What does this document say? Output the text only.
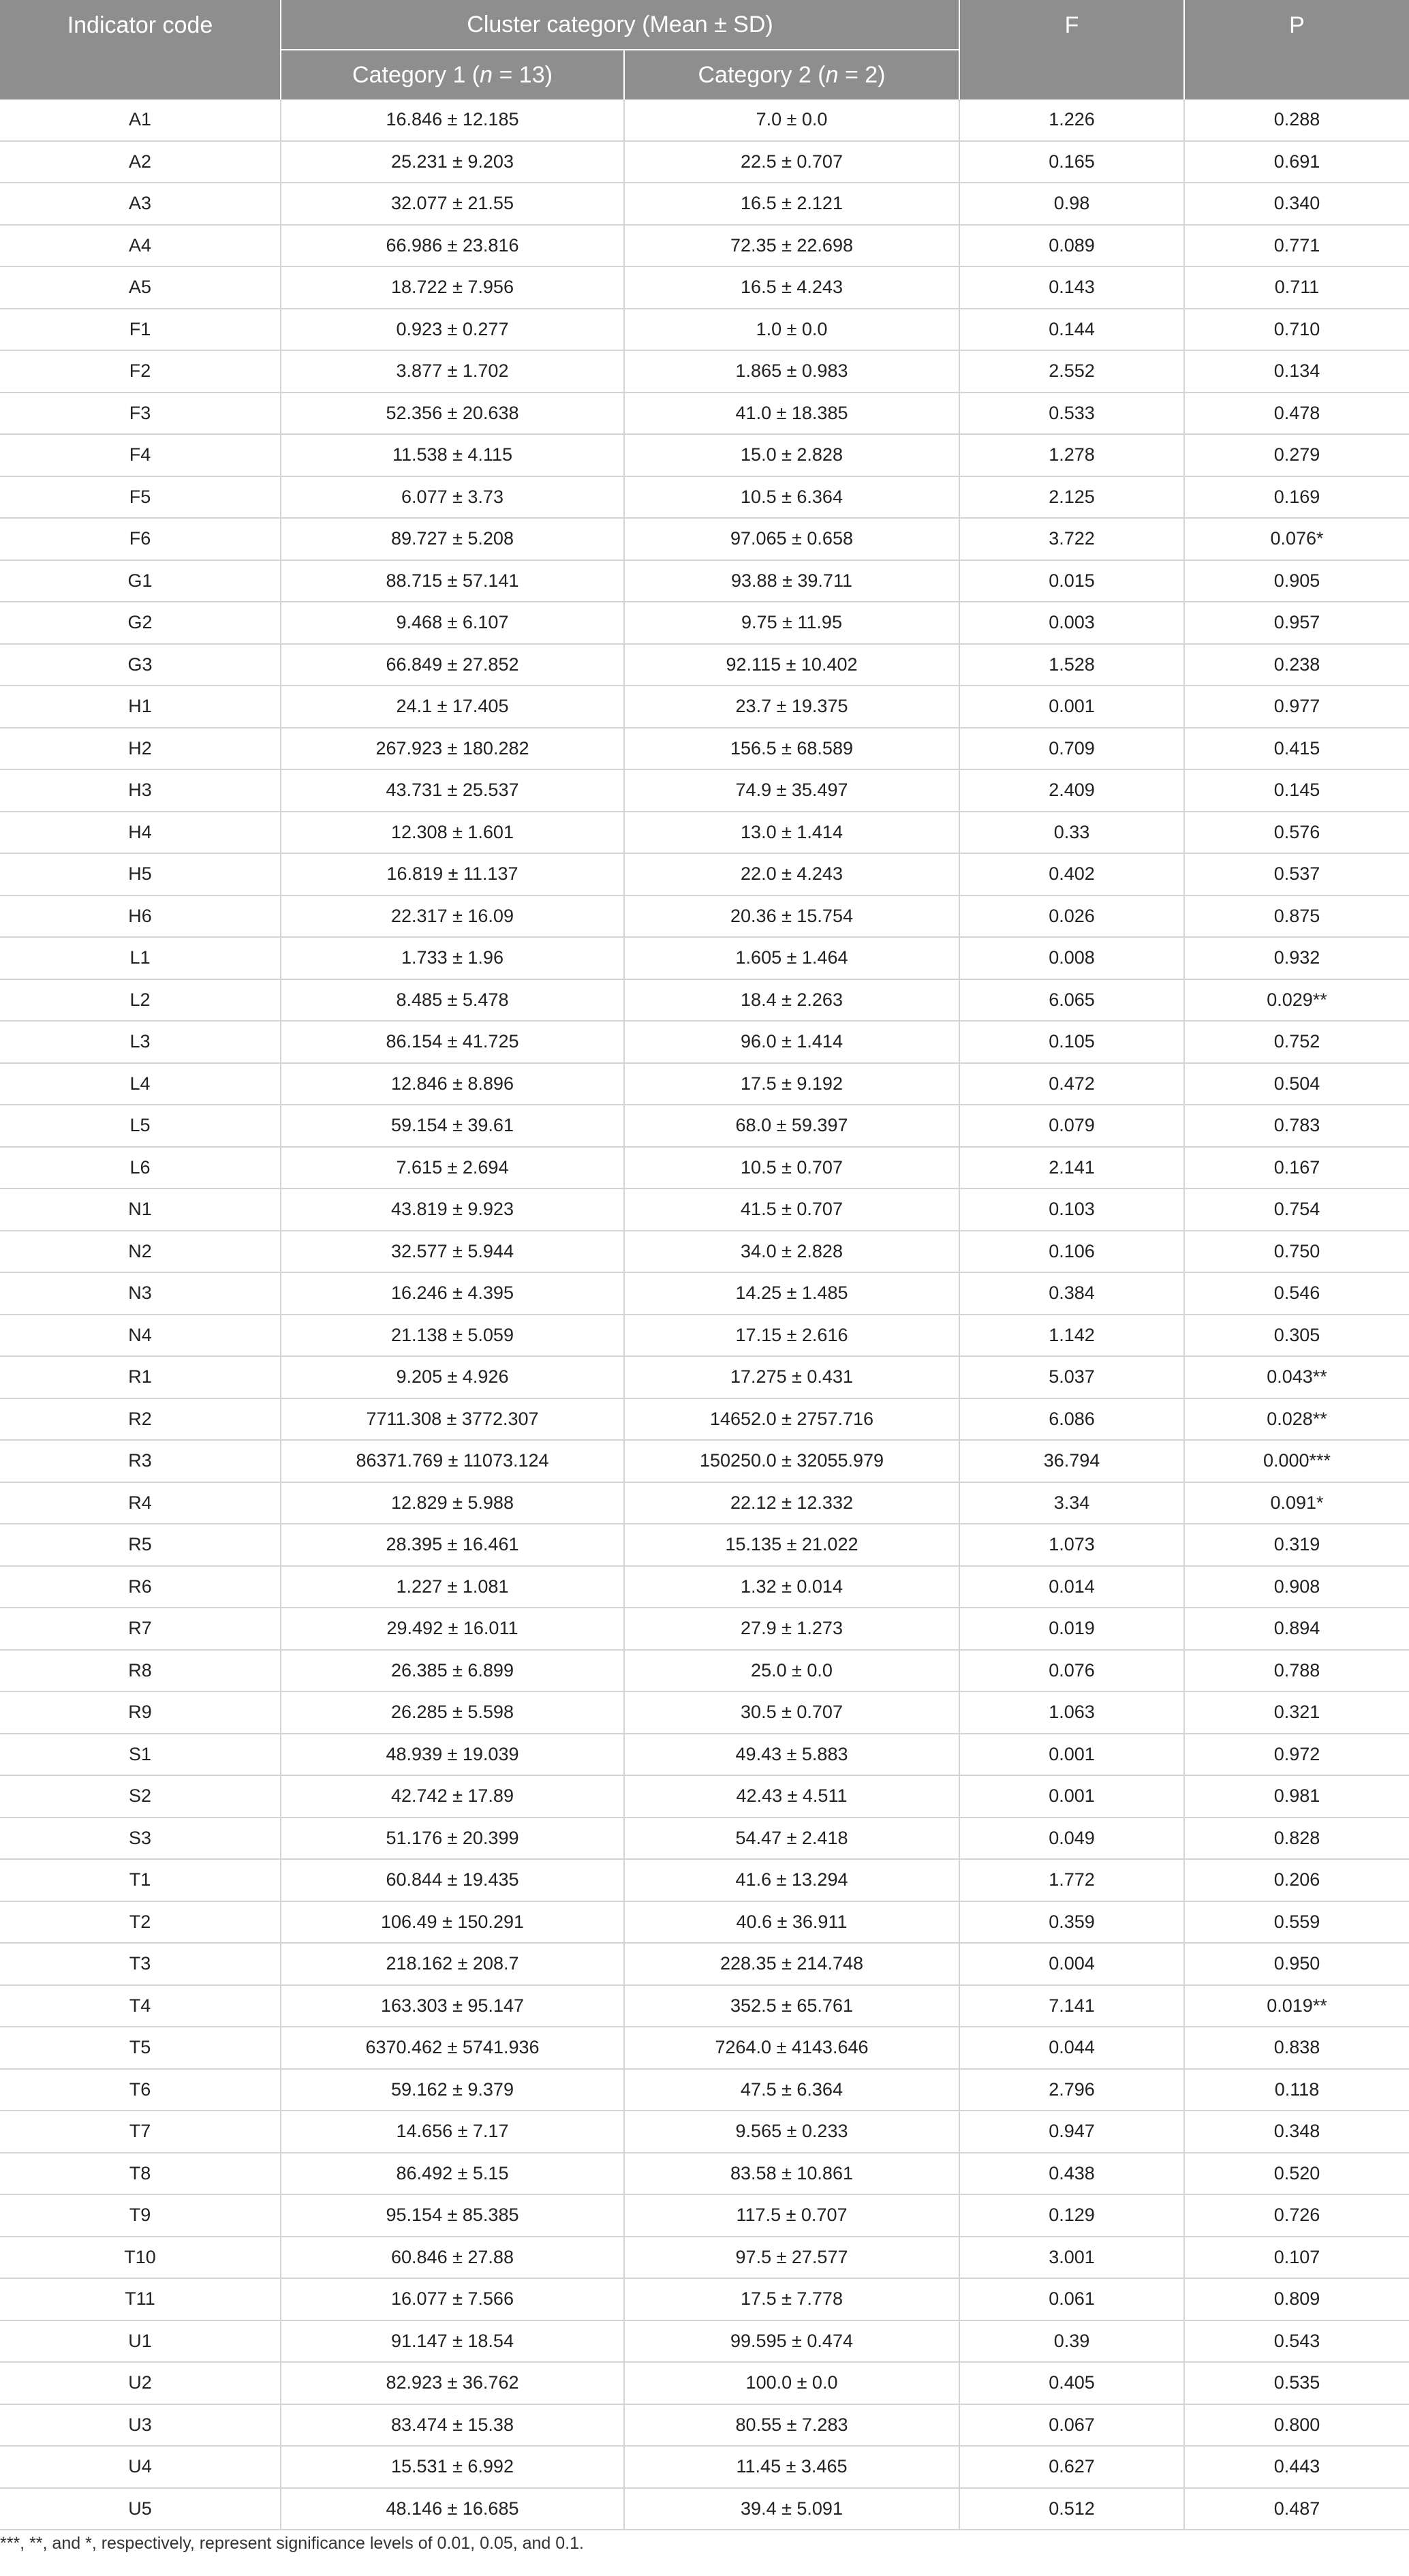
Indicator code	Cluster category (Mean ± SD)		F	P
	Category 1 (n = 13)	Category 2 (n = 2)		
A1	16.846 ± 12.185	7.0 ± 0.0	1.226	0.288
A2	25.231 ± 9.203	22.5 ± 0.707	0.165	0.691
A3	32.077 ± 21.55	16.5 ± 2.121	0.98	0.340
A4	66.986 ± 23.816	72.35 ± 22.698	0.089	0.771
A5	18.722 ± 7.956	16.5 ± 4.243	0.143	0.711
F1	0.923 ± 0.277	1.0 ± 0.0	0.144	0.710
F2	3.877 ± 1.702	1.865 ± 0.983	2.552	0.134
F3	52.356 ± 20.638	41.0 ± 18.385	0.533	0.478
F4	11.538 ± 4.115	15.0 ± 2.828	1.278	0.279
F5	6.077 ± 3.73	10.5 ± 6.364	2.125	0.169
F6	89.727 ± 5.208	97.065 ± 0.658	3.722	0.076*
G1	88.715 ± 57.141	93.88 ± 39.711	0.015	0.905
G2	9.468 ± 6.107	9.75 ± 11.95	0.003	0.957
G3	66.849 ± 27.852	92.115 ± 10.402	1.528	0.238
H1	24.1 ± 17.405	23.7 ± 19.375	0.001	0.977
H2	267.923 ± 180.282	156.5 ± 68.589	0.709	0.415
H3	43.731 ± 25.537	74.9 ± 35.497	2.409	0.145
H4	12.308 ± 1.601	13.0 ± 1.414	0.33	0.576
H5	16.819 ± 11.137	22.0 ± 4.243	0.402	0.537
H6	22.317 ± 16.09	20.36 ± 15.754	0.026	0.875
L1	1.733 ± 1.96	1.605 ± 1.464	0.008	0.932
L2	8.485 ± 5.478	18.4 ± 2.263	6.065	0.029**
L3	86.154 ± 41.725	96.0 ± 1.414	0.105	0.752
L4	12.846 ± 8.896	17.5 ± 9.192	0.472	0.504
L5	59.154 ± 39.61	68.0 ± 59.397	0.079	0.783
L6	7.615 ± 2.694	10.5 ± 0.707	2.141	0.167
N1	43.819 ± 9.923	41.5 ± 0.707	0.103	0.754
N2	32.577 ± 5.944	34.0 ± 2.828	0.106	0.750
N3	16.246 ± 4.395	14.25 ± 1.485	0.384	0.546
N4	21.138 ± 5.059	17.15 ± 2.616	1.142	0.305
R1	9.205 ± 4.926	17.275 ± 0.431	5.037	0.043**
R2	7711.308 ± 3772.307	14652.0 ± 2757.716	6.086	0.028**
R3	86371.769 ± 11073.124	150250.0 ± 32055.979	36.794	0.000***
R4	12.829 ± 5.988	22.12 ± 12.332	3.34	0.091*
R5	28.395 ± 16.461	15.135 ± 21.022	1.073	0.319
R6	1.227 ± 1.081	1.32 ± 0.014	0.014	0.908
R7	29.492 ± 16.011	27.9 ± 1.273	0.019	0.894
R8	26.385 ± 6.899	25.0 ± 0.0	0.076	0.788
R9	26.285 ± 5.598	30.5 ± 0.707	1.063	0.321
S1	48.939 ± 19.039	49.43 ± 5.883	0.001	0.972
S2	42.742 ± 17.89	42.43 ± 4.511	0.001	0.981
S3	51.176 ± 20.399	54.47 ± 2.418	0.049	0.828
T1	60.844 ± 19.435	41.6 ± 13.294	1.772	0.206
T2	106.49 ± 150.291	40.6 ± 36.911	0.359	0.559
T3	218.162 ± 208.7	228.35 ± 214.748	0.004	0.950
T4	163.303 ± 95.147	352.5 ± 65.761	7.141	0.019**
T5	6370.462 ± 5741.936	7264.0 ± 4143.646	0.044	0.838
T6	59.162 ± 9.379	47.5 ± 6.364	2.796	0.118
T7	14.656 ± 7.17	9.565 ± 0.233	0.947	0.348
T8	86.492 ± 5.15	83.58 ± 10.861	0.438	0.520
T9	95.154 ± 85.385	117.5 ± 0.707	0.129	0.726
T10	60.846 ± 27.88	97.5 ± 27.577	3.001	0.107
T11	16.077 ± 7.566	17.5 ± 7.778	0.061	0.809
U1	91.147 ± 18.54	99.595 ± 0.474	0.39	0.543
U2	82.923 ± 36.762	100.0 ± 0.0	0.405	0.535
U3	83.474 ± 15.38	80.55 ± 7.283	0.067	0.800
U4	15.531 ± 6.992	11.45 ± 3.465	0.627	0.443
U5	48.146 ± 16.685	39.4 ± 5.091	0.512	0.487
***, **, and *, respectively, represent significance levels of 0.01, 0.05, and 0.1.
